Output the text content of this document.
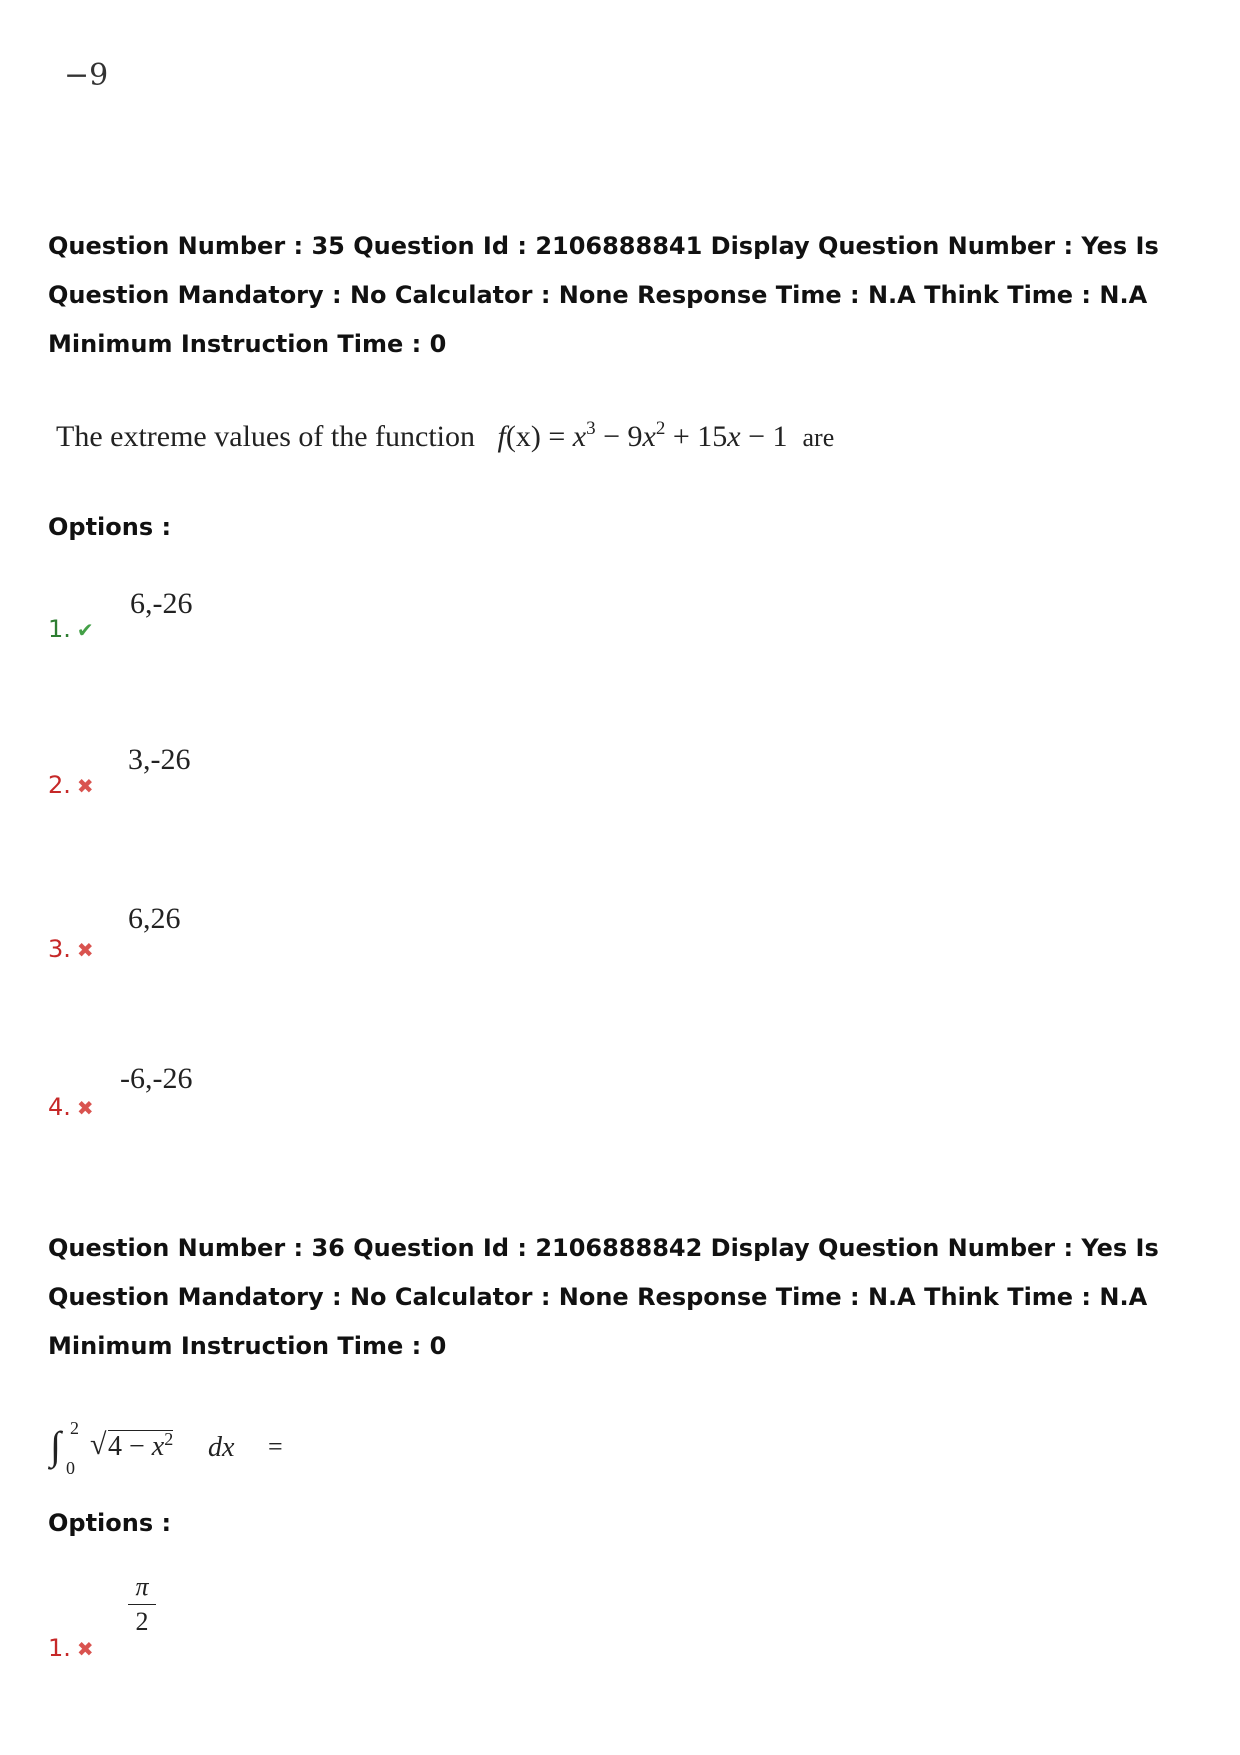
−9
Question Number : 35 Question Id : 2106888841 Display Question Number : Yes Is Question Mandatory : No Calculator : None Response Time : N.A Think Time : N.A Minimum Instruction Time : 0
The extreme values of the function $f(x) = x^3 - 9x^2 + 15x - 1$ are
Options :
6,-26
1. ✔
3,-26
2. ✖
6,26
3. ✖
-6,-26
4. ✖
Question Number : 36 Question Id : 2106888842 Display Question Number : Yes Is Question Mandatory : No Calculator : None Response Time : N.A Think Time : N.A Minimum Instruction Time : 0
∫ 2
0
√ $4 - x^2$ dx =
Options :
π
2
1. ✖
